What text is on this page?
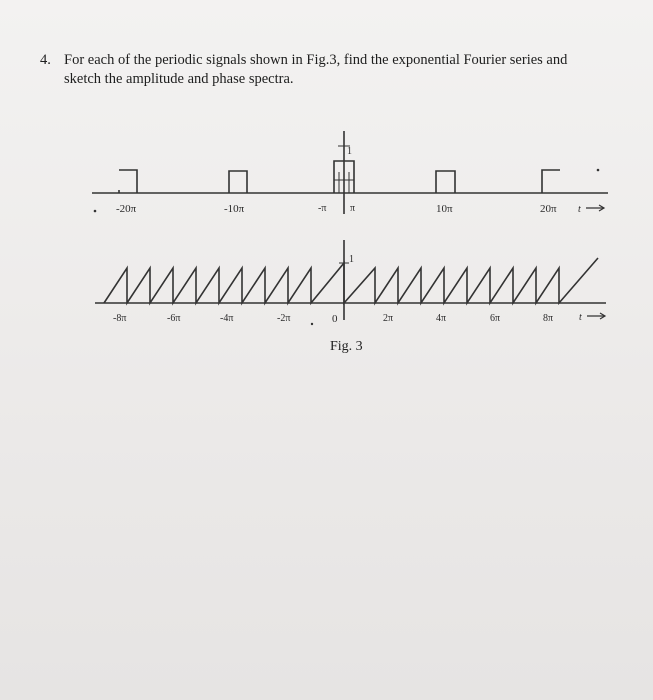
4. For each of the periodic signals shown in Fig.3, find the exponential Fourier series and
sketch the amplitude and phase spectra.
1
-20π	-10π	-π π	10π	20π t
1
-8π	-6π	-4π	-2π	0	2π	4π	6π	8π	t
Fig. 3
